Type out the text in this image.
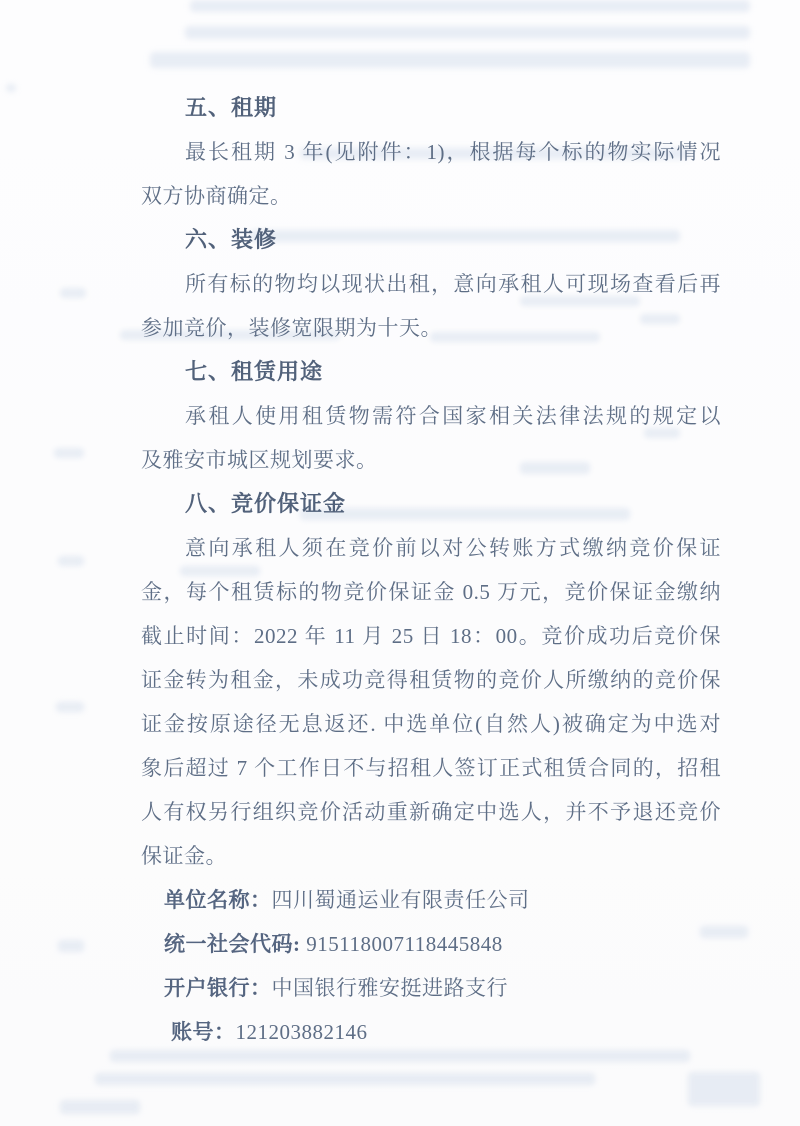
五、租期
最长租期 3 年(见附件：1)，根据每个标的物实际情况
双方协商确定。
六、装修
所有标的物均以现状出租，意向承租人可现场查看后再
参加竞价，装修宽限期为十天。
七、租赁用途
承租人使用租赁物需符合国家相关法律法规的规定以
及雅安市城区规划要求。
八、竞价保证金
意向承租人须在竞价前以对公转账方式缴纳竞价保证
金，每个租赁标的物竞价保证金 0.5 万元，竞价保证金缴纳
截止时间：2022 年 11 月 25 日 18：00。竞价成功后竞价保
证金转为租金，未成功竞得租赁物的竞价人所缴纳的竞价保
证金按原途径无息返还. 中选单位(自然人)被确定为中选对
象后超过 7 个工作日不与招租人签订正式租赁合同的，招租
人有权另行组织竞价活动重新确定中选人，并不予退还竞价
保证金。
单位名称：四川蜀通运业有限责任公司
统一社会代码: 915118007118445848
开户银行：中国银行雅安挺进路支行
账号：121203882146
